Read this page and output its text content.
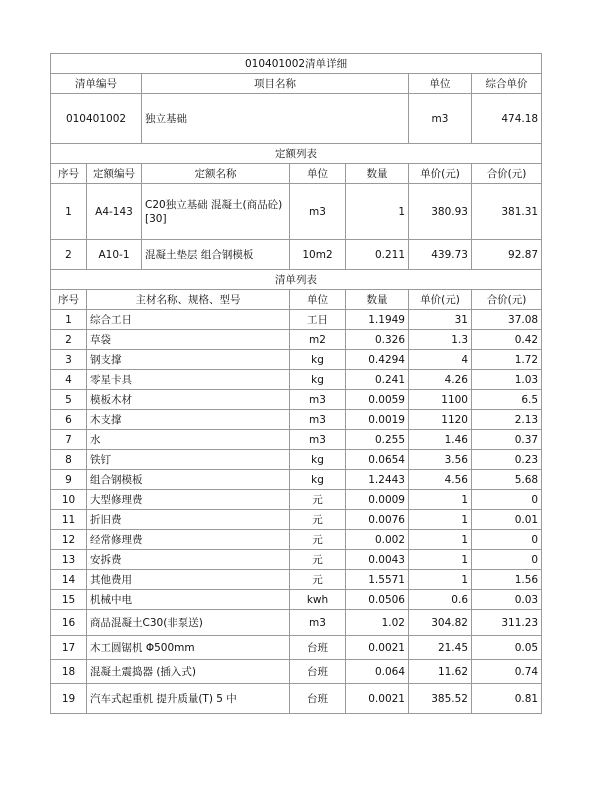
010401002清单详细						
清单编号		项目名称			单位	综合单价
010401002		独立基础			m3	474.18
定额列表						
序号	定额编号	定额名称	单位	数量	单价(元)	合价(元)
1	A4-143	C20独立基础 混凝土(商品砼)[30]	m3	1	380.93	381.31
2	A10-1	混凝土垫层 组合钢模板	10m2	0.211	439.73	92.87
清单列表						
序号	主材名称、规格、型号		单位	数量	单价(元)	合价(元)
1	综合工日		工日	1.1949	31	37.08
2	草袋		m2	0.326	1.3	0.42
3	钢支撑		kg	0.4294	4	1.72
4	零星卡具		kg	0.241	4.26	1.03
5	模板木材		m3	0.0059	1100	6.5
6	木支撑		m3	0.0019	1120	2.13
7	水		m3	0.255	1.46	0.37
8	铁钉		kg	0.0654	3.56	0.23
9	组合钢模板		kg	1.2443	4.56	5.68
10	大型修理费		元	0.0009	1	0
11	折旧费		元	0.0076	1	0.01
12	经常修理费		元	0.002	1	0
13	安拆费		元	0.0043	1	0
14	其他费用		元	1.5571	1	1.56
15	机械中电		kwh	0.0506	0.6	0.03
16	商品混凝土C30(非泵送)		m3	1.02	304.82	311.23
17	木工圆锯机 Φ500mm		台班	0.0021	21.45	0.05
18	混凝土震捣器 (插入式)		台班	0.064	11.62	0.74
19	汽车式起重机 提升质量(T) 5 中		台班	0.0021	385.52	0.81
